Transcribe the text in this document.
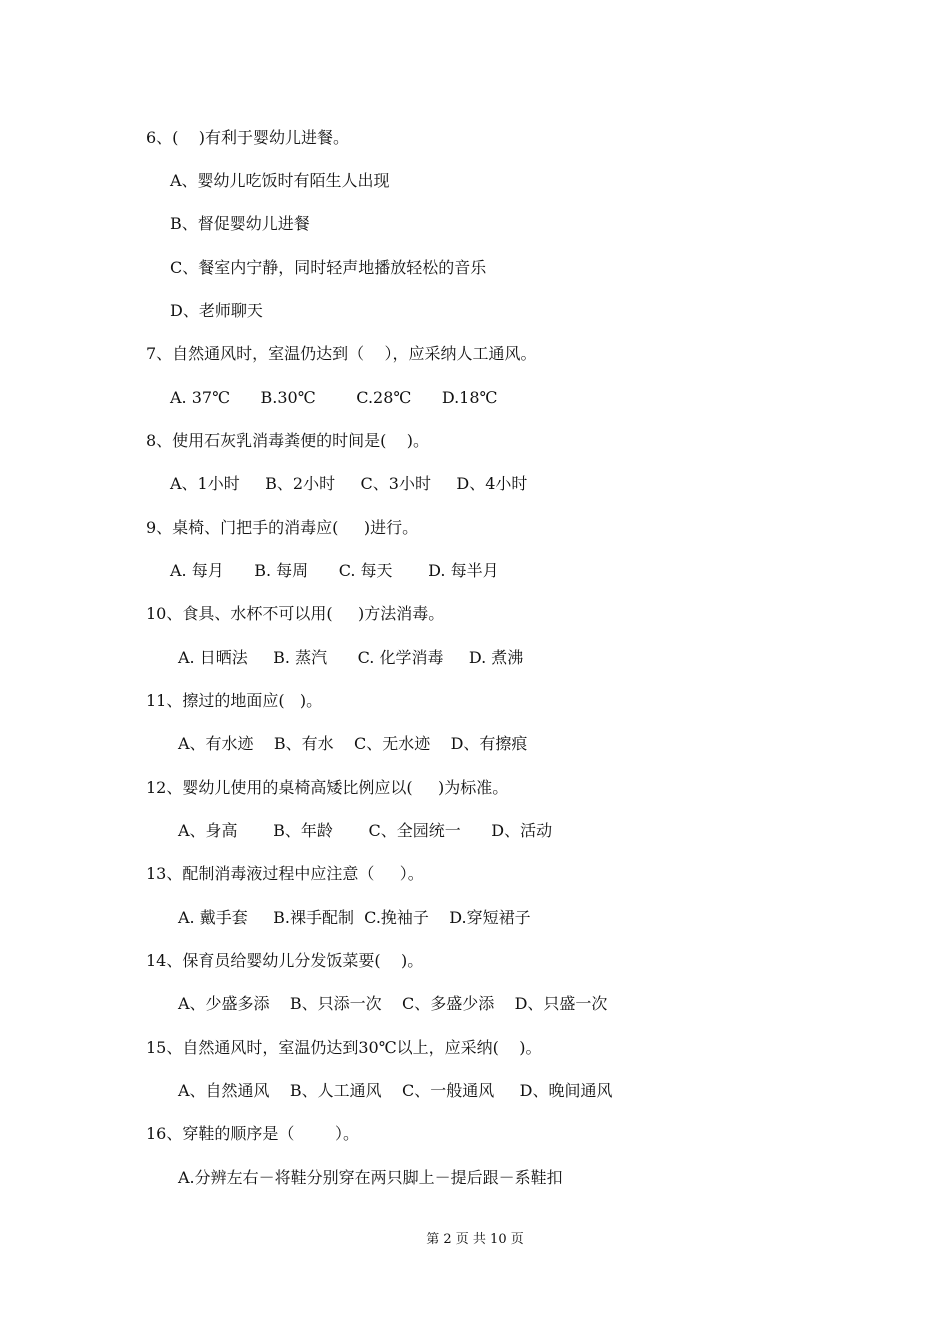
6、(    )有利于婴幼儿进餐。
A、婴幼儿吃饭时有陌生人出现
B、督促婴幼儿进餐
C、餐室内宁静，同时轻声地播放轻松的音乐
D、老师聊天
7、自然通风时，室温仍达到（    ），应采纳人工通风。
A. 37℃      B.30℃        C.28℃      D.18℃
8、使用石灰乳消毒粪便的时间是(    )。
A、1小时     B、2小时     C、3小时     D、4小时
9、桌椅、门把手的消毒应(     )进行。
A. 每月      B. 每周      C. 每天       D. 每半月
10、食具、水杯不可以用(     )方法消毒。
A. 日晒法     B. 蒸汽      C. 化学消毒     D. 煮沸
11、擦过的地面应(   )。
A、有水迹    B、有水    C、无水迹    D、有擦痕
12、婴幼儿使用的桌椅高矮比例应以(     )为标准。
A、身高       B、年龄       C、全园统一      D、活动
13、配制消毒液过程中应注意（     ）。
A. 戴手套     B.裸手配制  C.挽袖子    D.穿短裙子
14、保育员给婴幼儿分发饭菜要(    )。
A、少盛多添    B、只添一次    C、多盛少添    D、只盛一次
15、自然通风时，室温仍达到30℃以上，应采纳(    )。
A、自然通风    B、人工通风    C、一般通风     D、晚间通风
16、穿鞋的顺序是（        ）。
A.分辨左右－将鞋分别穿在两只脚上－提后跟－系鞋扣
第 2 页 共 10 页
